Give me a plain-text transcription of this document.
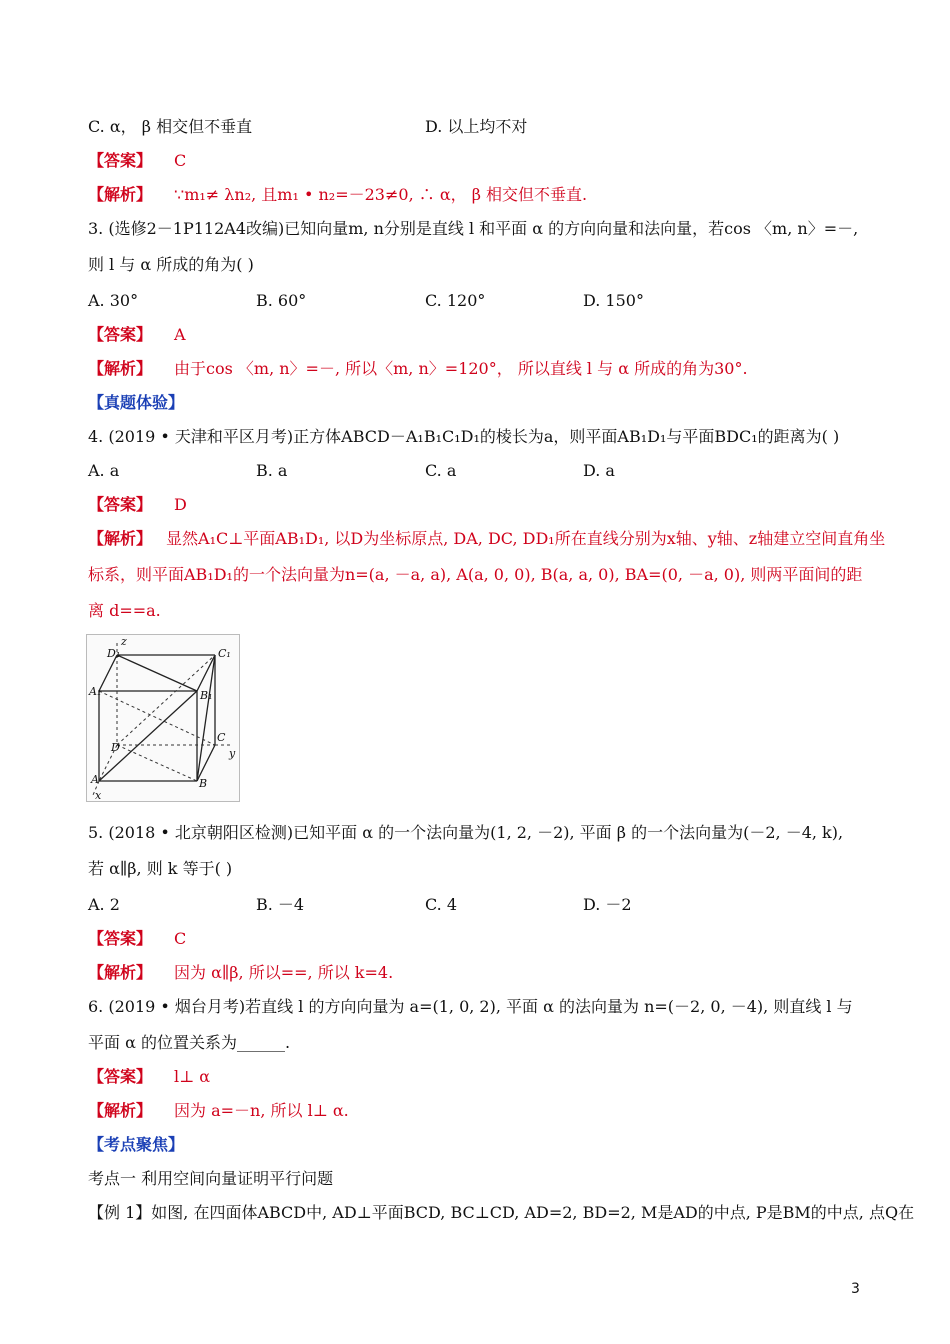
C. α， β 相交但不垂直	D. 以上均不对
【答案】 C
【解析】 ∵m₁≠ λn₂, 且m₁ • n₂=－23≠0, ∴ α， β 相交但不垂直.
3. (选修2－1P112A4改编)已知向量m, n分别是直线 l 和平面 α 的方向向量和法向量，若cos 〈m, n〉=－,
则 l 与 α 所成的角为( )
A. 30°	B. 60°	C. 120°	D. 150°
【答案】 A
【解析】 由于cos 〈m, n〉=－, 所以〈m, n〉=120°， 所以直线 l 与 α 所成的角为30°.
【真题体验】
4. (2019 • 天津和平区月考)正方体ABCD－A₁B₁C₁D₁的棱长为a，则平面AB₁D₁与平面BDC₁的距离为( )
A. a	B. a	C. a	D. a
【答案】 D
【解析】 显然A₁C⊥平面AB₁D₁, 以D为坐标原点, DA, DC, DD₁所在直线分别为x轴、y轴、z轴建立空间直角坐
标系，则平面AB₁D₁的一个法向量为n=(a, －a, a), A(a, 0, 0), B(a, a, 0), BA=(0, －a, 0), 则两平面间的距
离 d==a.
D₁	C₁
A₁	B₁
D
C
A	B
y
x
z
5. (2018 • 北京朝阳区检测)已知平面 α 的一个法向量为(1, 2, －2), 平面 β 的一个法向量为(－2, －4, k),
若 α∥β, 则 k 等于( )
A. 2	B. －4	C. 4	D. －2
【答案】 C
【解析】 因为 α∥β, 所以==, 所以 k=4.
6. (2019 • 烟台月考)若直线 l 的方向向量为 a=(1, 0, 2), 平面 α 的法向量为 n=(－2, 0, －4), 则直线 l 与
平面 α 的位置关系为______.
【答案】 l⊥ α
【解析】 因为 a=－n, 所以 l⊥ α.
【考点聚焦】
考点一 利用空间向量证明平行问题
【例 1】如图, 在四面体ABCD中, AD⊥平面BCD, BC⊥CD, AD=2, BD=2, M是AD的中点, P是BM的中点, 点Q在
3
